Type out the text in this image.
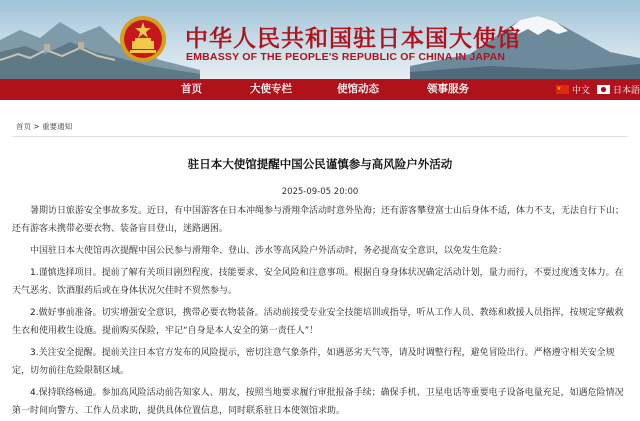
中华人民共和国驻日本国大使馆
EMBASSY OF THE PEOPLE'S REPUBLIC OF CHINA IN JAPAN
首页	大使专栏	使馆动态	领事服务	中文	日本語
首页 > 重要通知
驻日本大使馆提醒中国公民谨慎参与高风险户外活动
2025-09-05 20:00

暑期访日旅游安全事故多发。近日，有中国游客在日本冲绳参与滑翔伞活动时意外坠海；还有游客攀登富士山后身体不适，体力不支，无法自行下山；还有游客未携带必要衣物、装备盲目登山，迷路遇困。

中国驻日本大使馆再次提醒中国公民参与滑翔伞、登山、涉水等高风险户外活动时，务必提高安全意识，以免发生危险：

1.谨慎选择项目。提前了解有关项目剧烈程度、技能要求、安全风险和注意事项。根据自身身体状况确定活动计划，量力而行，不要过度透支体力。在天气恶劣、饮酒服药后或在身体状况欠佳时不贸然参与。

2.做好事前准备。切实增强安全意识，携带必要衣物装备。活动前接受专业安全技能培训或指导，听从工作人员、教练和救援人员指挥，按规定穿戴救生衣和使用救生设施。提前购买保险，牢记“自身是本人安全的第一责任人”！

3.关注安全提醒。提前关注日本官方发布的风险提示，密切注意气象条件，如遇恶劣天气等，请及时调整行程，避免冒险出行。严格遵守相关安全规定，切勿前往危险限制区域。

4.保持联络畅通。参加高风险活动前告知家人、朋友，按照当地要求履行审批报备手续；确保手机、卫星电话等重要电子设备电量充足，如遇危险情况第一时间向警方、工作人员求助，提供具体位置信息，同时联系驻日本使领馆求助。
